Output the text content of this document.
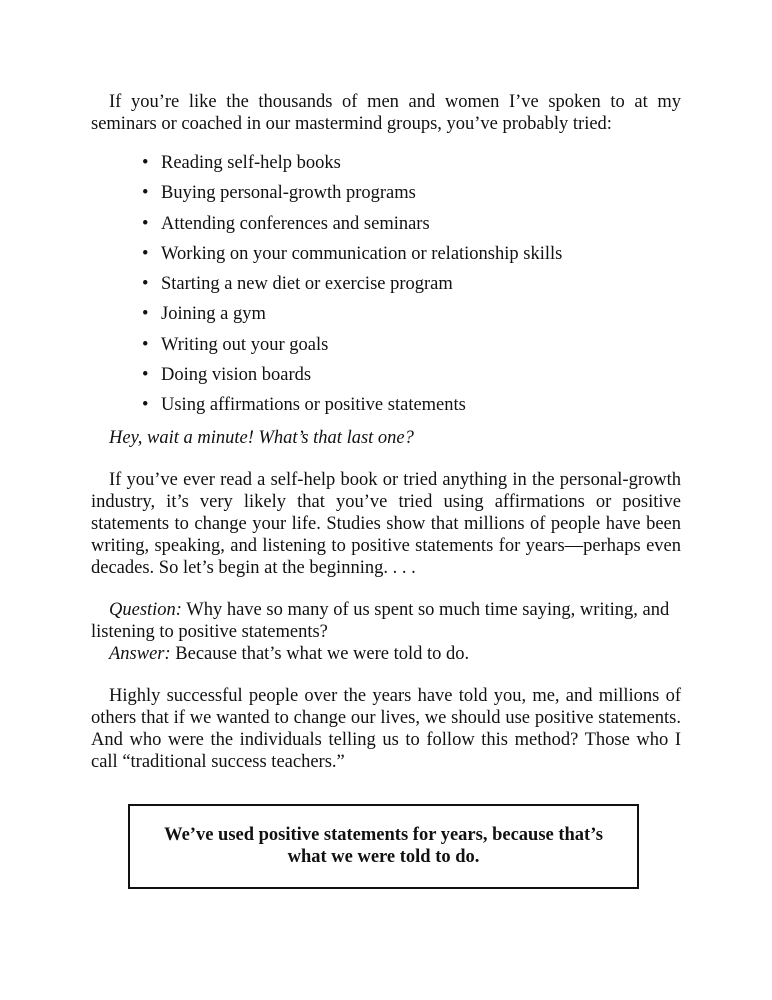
If you’re like the thousands of men and women I’ve spoken to at my seminars or coached in our mastermind groups, you’ve probably tried:

• Reading self-help books
• Buying personal-growth programs
• Attending conferences and seminars
• Working on your communication or relationship skills
• Starting a new diet or exercise program
• Joining a gym
• Writing out your goals
• Doing vision boards
• Using affirmations or positive statements

Hey, wait a minute! What’s that last one?

If you’ve ever read a self-help book or tried anything in the personal-growth industry, it’s very likely that you’ve tried using affirmations or positive statements to change your life. Studies show that millions of people have been writing, speaking, and listening to positive statements for years—perhaps even decades. So let’s begin at the beginning. . . .

Question: Why have so many of us spent so much time saying, writing, and listening to positive statements?

Answer: Because that’s what we were told to do.

Highly successful people over the years have told you, me, and millions of others that if we wanted to change our lives, we should use positive statements. And who were the individuals telling us to follow this method? Those who I call “traditional success teachers.”

We’ve used positive statements for years, because that’s what we were told to do.
